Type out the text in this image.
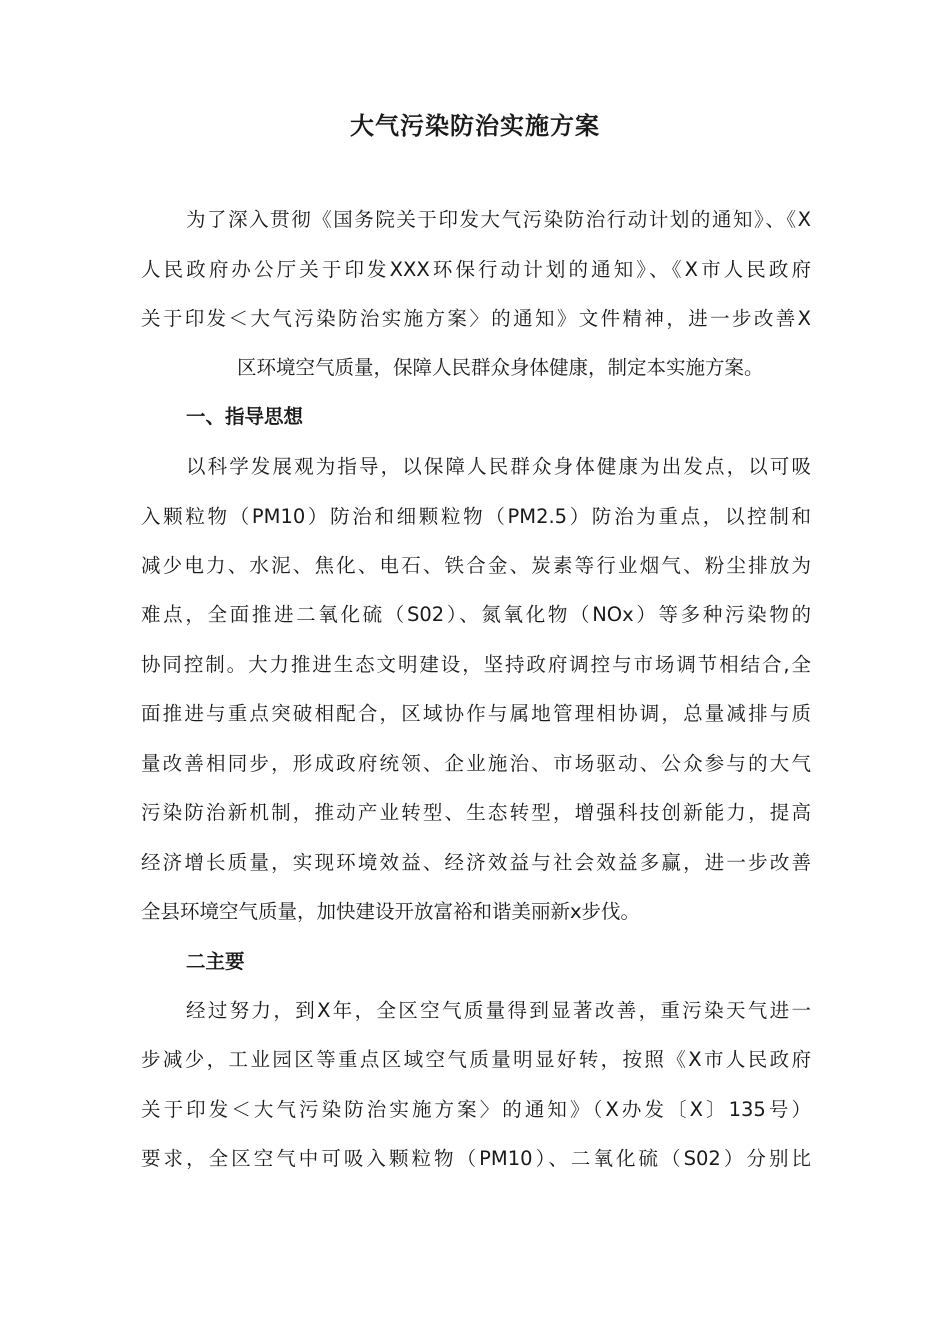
大气污染防治实施方案
为了深入贯彻《国务院关于印发大气污染防治行动计划的通知》、《X
人民政府办公厅关于印发XXX环保行动计划的通知》、《X市人民政府
关于印发＜大气污染防治实施方案〉的通知》文件精神，进一步改善X
区环境空气质量，保障人民群众身体健康，制定本实施方案。
一、指导思想
以科学发展观为指导，以保障人民群众身体健康为出发点，以可吸
入颗粒物（PM10）防治和细颗粒物（PM2.5）防治为重点，以控制和
减少电力、水泥、焦化、电石、铁合金、炭素等行业烟气、粉尘排放为
难点，全面推进二氧化硫（S02）、氮氧化物（NOx）等多种污染物的
协同控制。大力推进生态文明建设，坚持政府调控与市场调节相结合,全
面推进与重点突破相配合，区域协作与属地管理相协调，总量减排与质
量改善相同步，形成政府统领、企业施治、市场驱动、公众参与的大气
污染防治新机制，推动产业转型、生态转型，增强科技创新能力，提高
经济增长质量，实现环境效益、经济效益与社会效益多赢，进一步改善
全县环境空气质量，加快建设开放富裕和谐美丽新x步伐。
二主要
经过努力，到X年，全区空气质量得到显著改善，重污染天气进一
步减少，工业园区等重点区域空气质量明显好转，按照《X市人民政府
关于印发＜大气污染防治实施方案〉的通知》（X办发〔X〕135号）
要求，全区空气中可吸入颗粒物（PM10）、二氧化硫（S02）分别比
